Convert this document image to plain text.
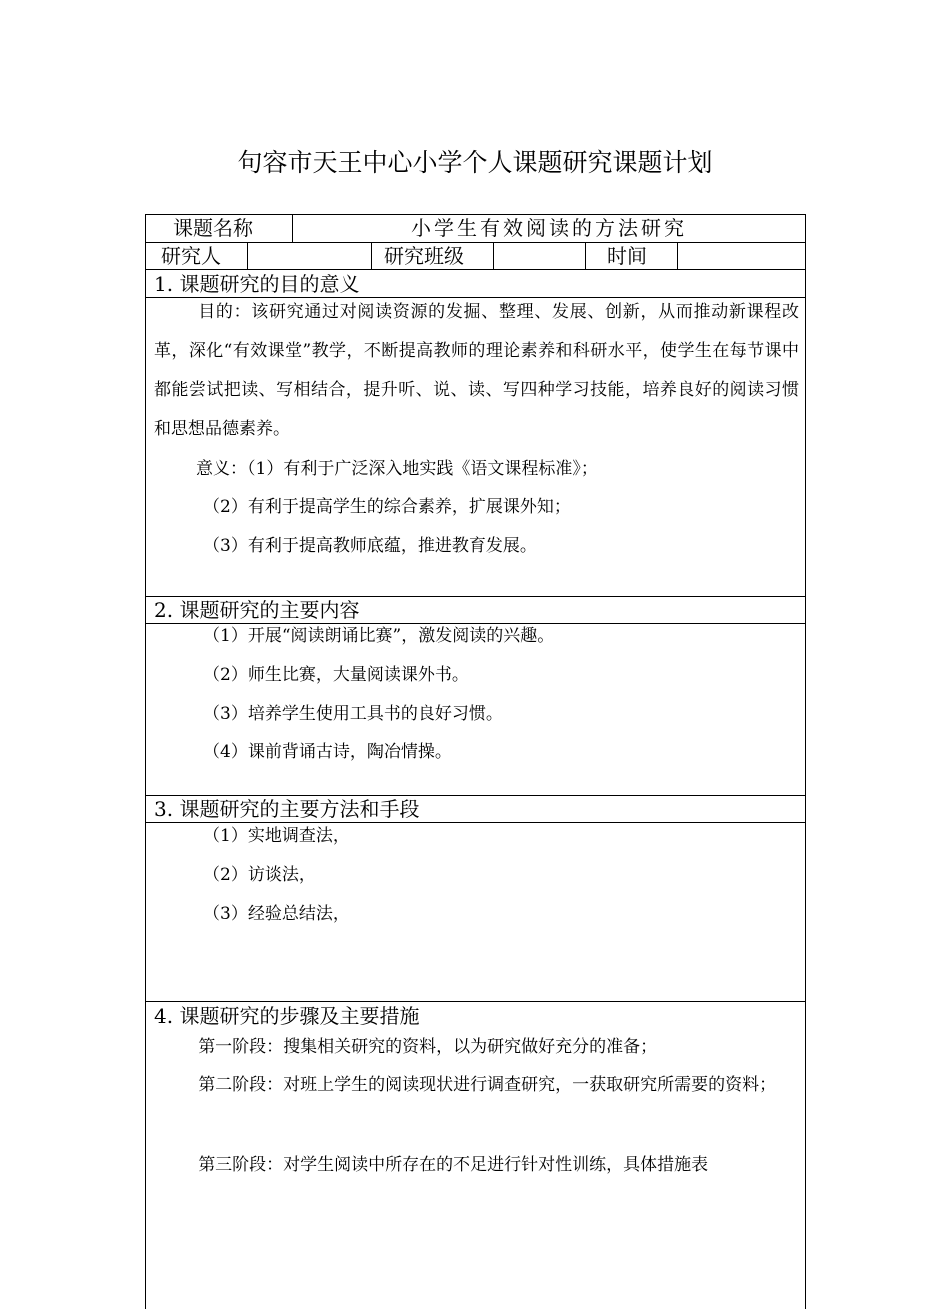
句容市天王中心小学个人课题研究课题计划
课题名称	小学生有效阅读的方法研究
研究人	研究班级	时间
1. 课题研究的目的意义
目的：该研究通过对阅读资源的发掘、整理、发展、创新，从而推动新课程改革，深化“有效课堂”教学，不断提高教师的理论素养和科研水平，使学生在每节课中都能尝试把读、写相结合，提升听、说、读、写四种学习技能，培养良好的阅读习惯和思想品德素养。
意义：（1）有利于广泛深入地实践《语文课程标准》；
（2）有利于提高学生的综合素养，扩展课外知；
（3）有利于提高教师底蕴，推进教育发展。
2. 课题研究的主要内容
（1）开展“阅读朗诵比赛”，激发阅读的兴趣。
（2）师生比赛，大量阅读课外书。
（3）培养学生使用工具书的良好习惯。
（4）课前背诵古诗，陶冶情操。
3. 课题研究的主要方法和手段
（1）实地调查法，
（2）访谈法，
（3）经验总结法，
4. 课题研究的步骤及主要措施
第一阶段：搜集相关研究的资料，以为研究做好充分的准备；
第二阶段：对班上学生的阅读现状进行调查研究，一获取研究所需要的资料；
第三阶段：对学生阅读中所存在的不足进行针对性训练，具体措施表
